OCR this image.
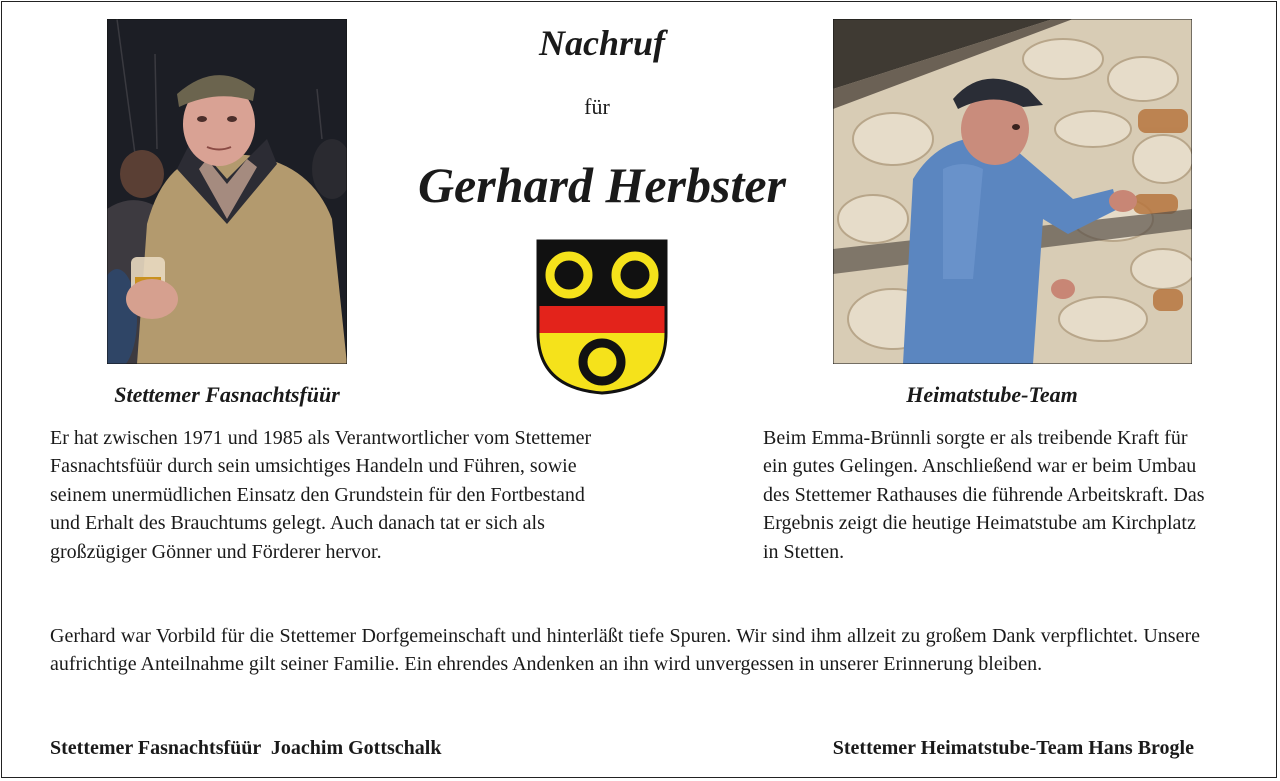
Nachruf
für
Gerhard Herbster
Stettemer Fasnachtsfüür	Heimatstube-Team
Er hat zwischen 1971 und 1985 als Verantwortlicher vom Stettemer Fasnachtsfüür durch sein umsichtiges Handeln und Führen, sowie seinem unermüdlichen Einsatz den Grundstein für den Fortbestand und Erhalt des Brauchtums gelegt. Auch danach tat er sich als großzügiger Gönner und Förderer hervor.
Beim Emma-Brünnli sorgte er als treibende Kraft für ein gutes Gelingen. Anschließend war er beim Umbau des Stettemer Rathauses die führende Arbeitskraft. Das Ergebnis zeigt die heutige Heimatstube am Kirchplatz in Stetten.
Gerhard war Vorbild für die Stettemer Dorfgemeinschaft und hinterläßt tiefe Spuren. Wir sind ihm allzeit zu großem Dank verpflichtet. Unsere aufrichtige Anteilnahme gilt seiner Familie. Ein ehrendes Andenken an ihn wird unvergessen in unserer Erinnerung bleiben.
Stettemer Fasnachtsfüür  Joachim Gottschalk	Stettemer Heimatstube-Team Hans Brogle
